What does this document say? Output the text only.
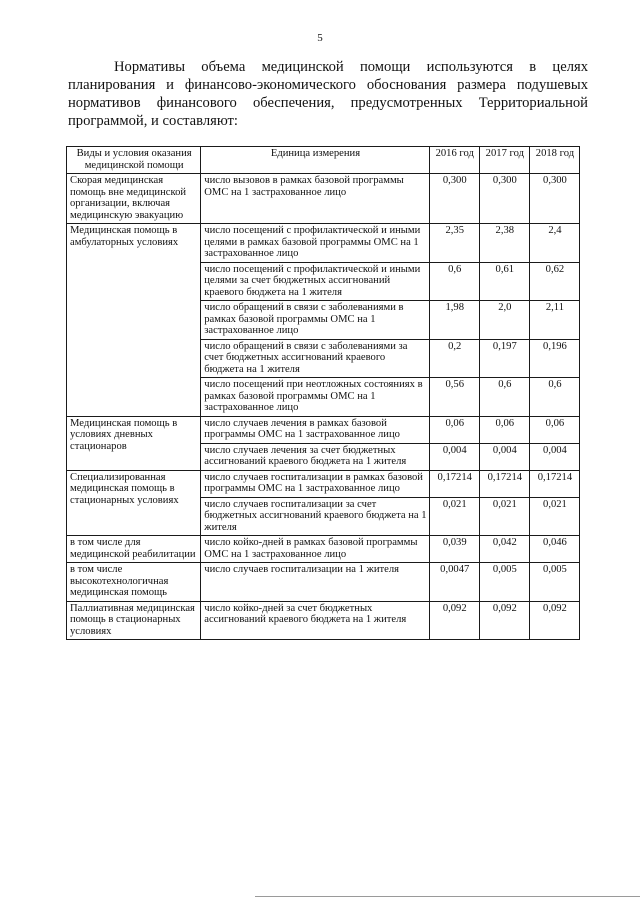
5

Нормативы объема медицинской помощи используются в целях планирования и финансово-экономического обоснования размера подушевых нормативов финансового обеспечения, предусмотренных Территориальной программой, и составляют:

Виды и условия оказания медицинской помощи	Единица измерения	2016 год	2017 год	2018 год
Скорая медицинская помощь вне медицинской организации, включая медицинскую эвакуацию	число вызовов в рамках базовой программы ОМС на 1 застрахованное лицо	0,300	0,300	0,300
Медицинская помощь в амбулаторных условиях	число посещений с профилактической и иными целями в рамках базовой программы ОМС на 1 застрахованное лицо	2,35	2,38	2,4
	число посещений с профилактической и иными целями за счет бюджетных ассигнований краевого бюджета на 1 жителя	0,6	0,61	0,62
	число обращений в связи с заболеваниями в рамках базовой программы ОМС на 1 застрахованное лицо	1,98	2,0	2,11
	число обращений в связи с заболеваниями за счет бюджетных ассигнований краевого бюджета на 1 жителя	0,2	0,197	0,196
	число посещений при неотложных состояниях в рамках базовой программы ОМС на 1 застрахованное лицо	0,56	0,6	0,6
Медицинская помощь в условиях дневных стационаров	число случаев лечения в рамках базовой программы ОМС на 1 застрахованное лицо	0,06	0,06	0,06
	число случаев лечения за счет бюджетных ассигнований краевого бюджета на 1 жителя	0,004	0,004	0,004
Специализированная медицинская помощь в стационарных условиях	число случаев госпитализации в рамках базовой программы ОМС на 1 застрахованное лицо	0,17214	0,17214	0,17214
	число случаев госпитализации за счет бюджетных ассигнований краевого бюджета на 1 жителя	0,021	0,021	0,021
в том числе для медицинской реабилитации	число койко-дней в рамках базовой программы ОМС на 1 застрахованное лицо	0,039	0,042	0,046
в том числе высокотехнологичная медицинская помощь	число случаев госпитализации на 1 жителя	0,0047	0,005	0,005
Паллиативная медицинская помощь в стационарных условиях	число койко-дней за счет бюджетных ассигнований краевого бюджета на 1 жителя	0,092	0,092	0,092
